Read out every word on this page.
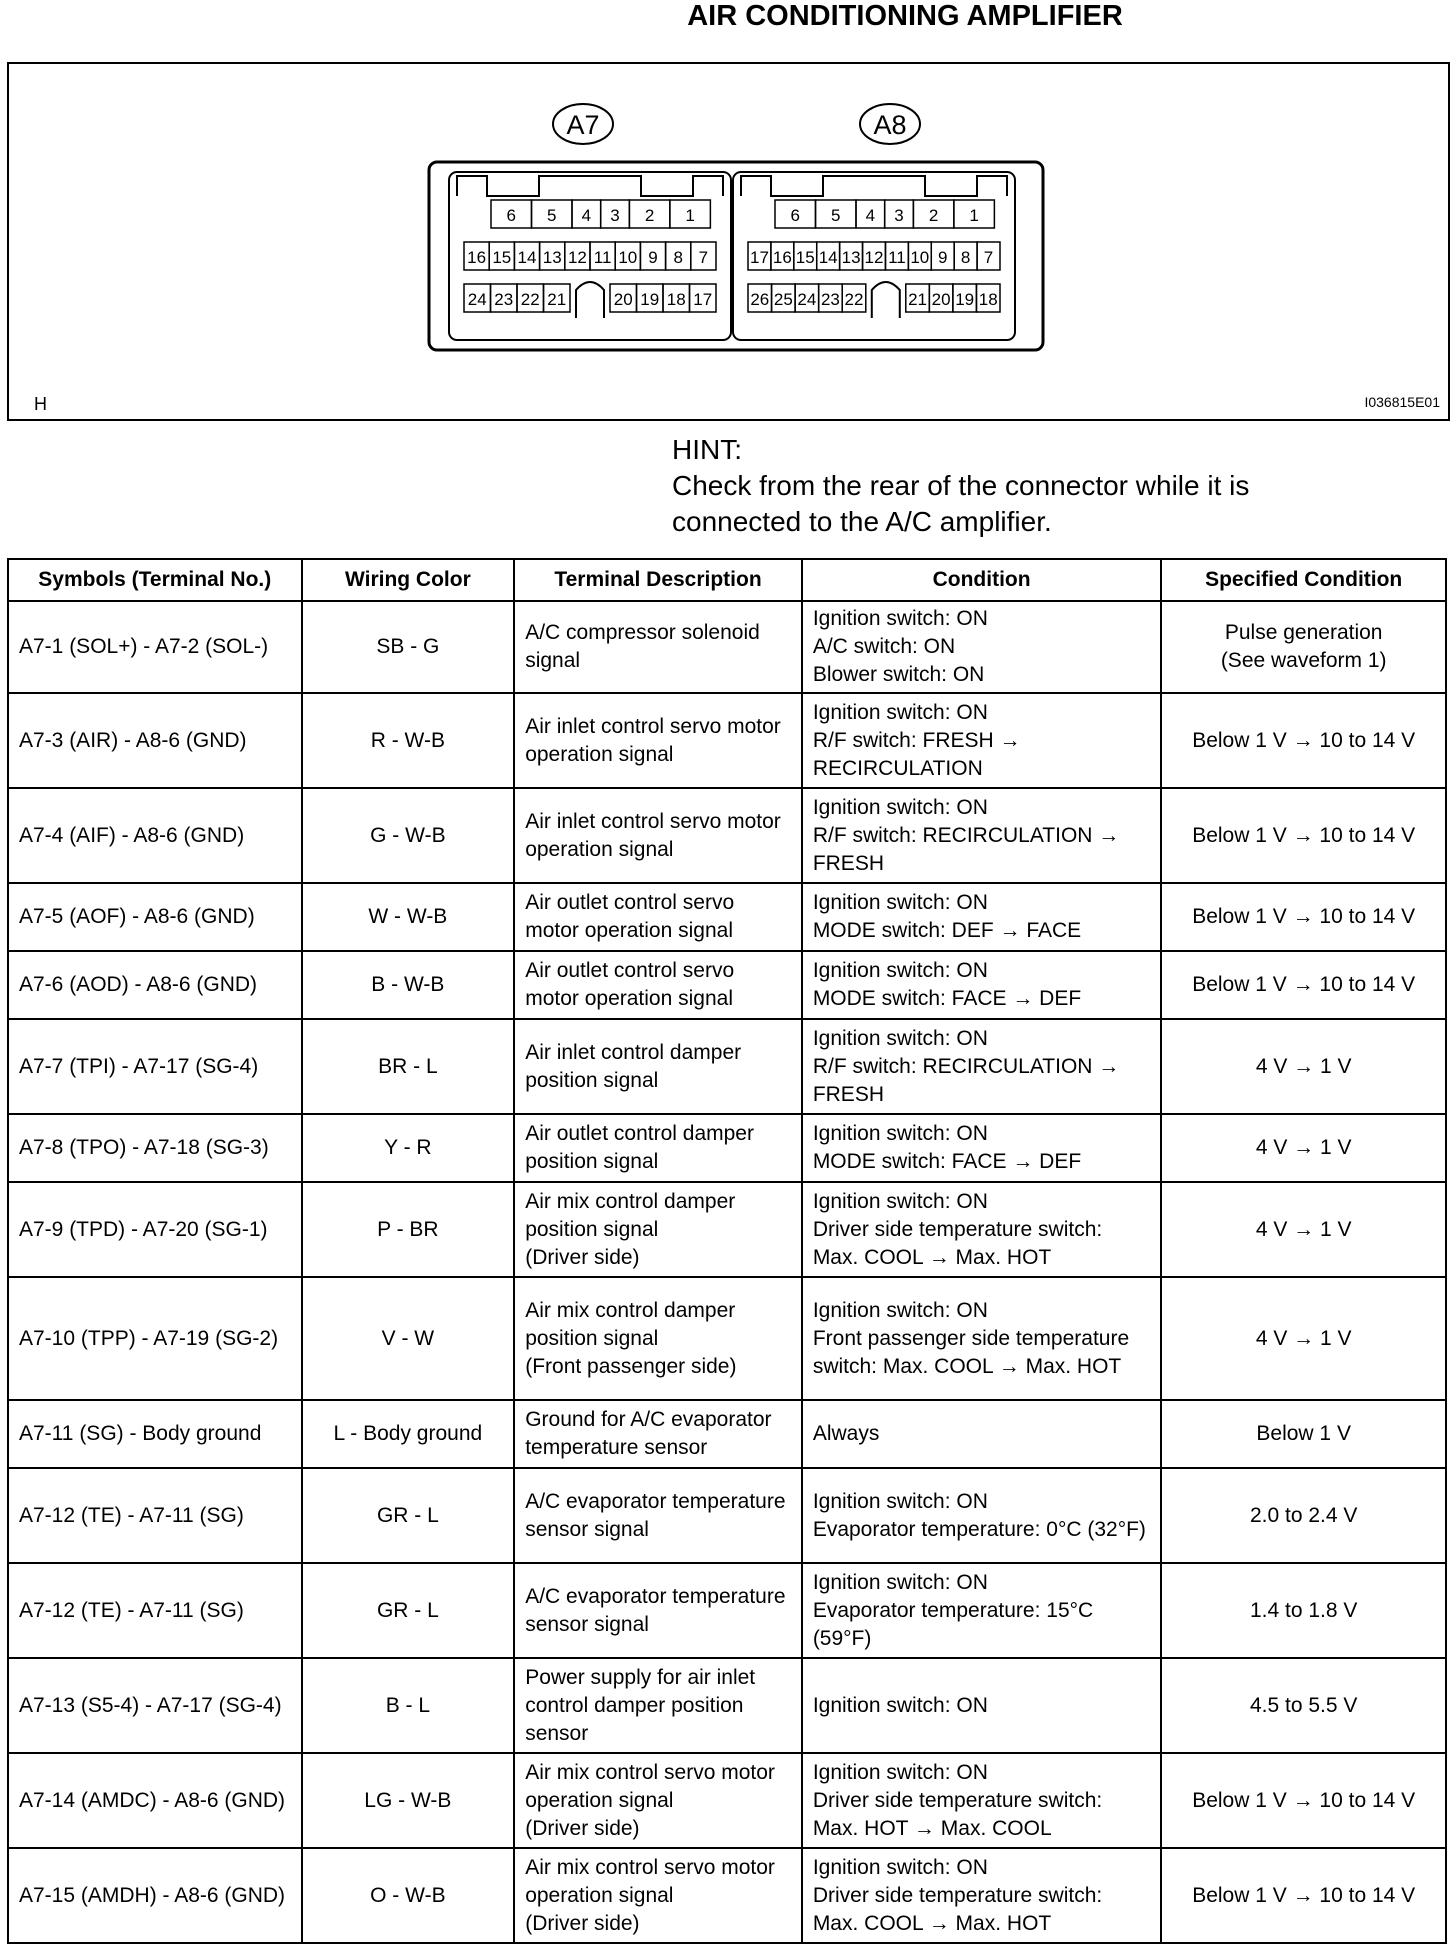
AIR CONDITIONING AMPLIFIER
A7
6 5 4 3 2 1
16 15 14 13 12 11 10 9 8 7
24 23 22 21	20 19 18 17
A8
6 5 4 3 2 1
17 16 15 14 13 12 11 10 9 8 7
26 25 24 23 22	21 20 19 18
H	I036815E01
HINT:
Check from the rear of the connector while it is connected to the A/C amplifier.
Symbols (Terminal No.)	Wiring Color	Terminal Description	Condition	Specified Condition
A7-1 (SOL+) - A7-2 (SOL-)	SB - G	A/C compressor solenoid signal	Ignition switch: ON
A/C switch: ON
Blower switch: ON	Pulse generation
(See waveform 1)
A7-3 (AIR) - A8-6 (GND)	R - W-B	Air inlet control servo motor operation signal	Ignition switch: ON
R/F switch: FRESH → RECIRCULATION	Below 1 V → 10 to 14 V
A7-4 (AIF) - A8-6 (GND)	G - W-B	Air inlet control servo motor operation signal	Ignition switch: ON
R/F switch: RECIRCULATION → FRESH	Below 1 V → 10 to 14 V
A7-5 (AOF) - A8-6 (GND)	W - W-B	Air outlet control servo motor operation signal	Ignition switch: ON
MODE switch: DEF → FACE	Below 1 V → 10 to 14 V
A7-6 (AOD) - A8-6 (GND)	B - W-B	Air outlet control servo motor operation signal	Ignition switch: ON
MODE switch: FACE → DEF	Below 1 V → 10 to 14 V
A7-7 (TPI) - A7-17 (SG-4)	BR - L	Air inlet control damper position signal	Ignition switch: ON
R/F switch: RECIRCULATION → FRESH	4 V → 1 V
A7-8 (TPO) - A7-18 (SG-3)	Y - R	Air outlet control damper position signal	Ignition switch: ON
MODE switch: FACE → DEF	4 V → 1 V
A7-9 (TPD) - A7-20 (SG-1)	P - BR	Air mix control damper position signal
(Driver side)	Ignition switch: ON
Driver side temperature switch: Max. COOL → Max. HOT	4 V → 1 V
A7-10 (TPP) - A7-19 (SG-2)	V - W	Air mix control damper position signal
(Front passenger side)	Ignition switch: ON
Front passenger side temperature switch: Max. COOL → Max. HOT	4 V → 1 V
A7-11 (SG) - Body ground	L - Body ground	Ground for A/C evaporator temperature sensor	Always	Below 1 V
A7-12 (TE) - A7-11 (SG)	GR - L	A/C evaporator temperature sensor signal	Ignition switch: ON
Evaporator temperature: 0°C (32°F)	2.0 to 2.4 V
A7-12 (TE) - A7-11 (SG)	GR - L	A/C evaporator temperature sensor signal	Ignition switch: ON
Evaporator temperature: 15°C (59°F)	1.4 to 1.8 V
A7-13 (S5-4) - A7-17 (SG-4)	B - L	Power supply for air inlet control damper position sensor	Ignition switch: ON	4.5 to 5.5 V
A7-14 (AMDC) - A8-6 (GND)	LG - W-B	Air mix control servo motor operation signal
(Driver side)	Ignition switch: ON
Driver side temperature switch: Max. HOT → Max. COOL	Below 1 V → 10 to 14 V
A7-15 (AMDH) - A8-6 (GND)	O - W-B	Air mix control servo motor operation signal
(Driver side)	Ignition switch: ON
Driver side temperature switch: Max. COOL → Max. HOT	Below 1 V → 10 to 14 V
